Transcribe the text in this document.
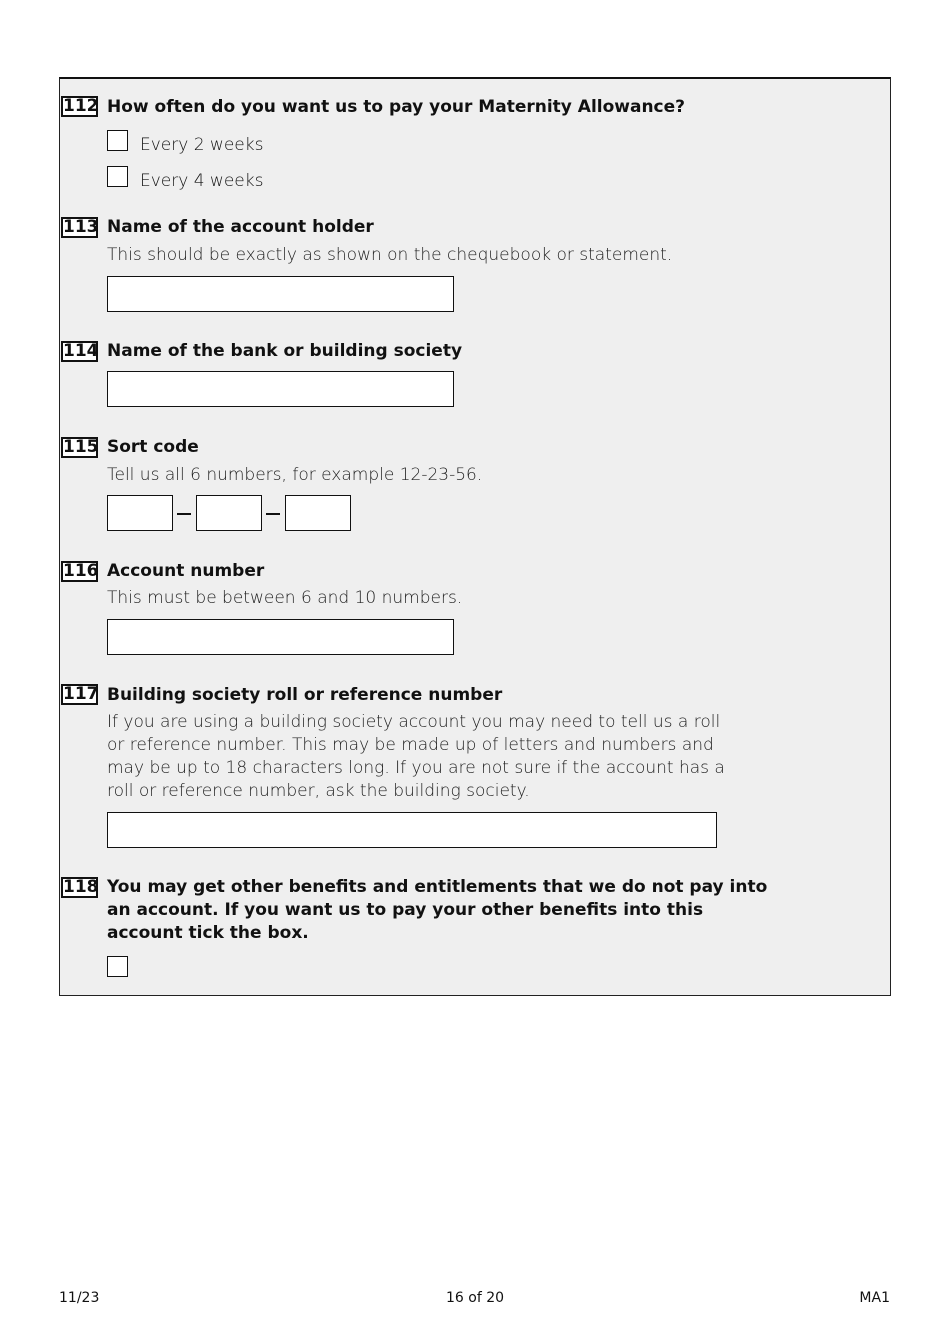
112 How often do you want us to pay your Maternity Allowance?
Every 2 weeks
Every 4 weeks
113 Name of the account holder
This should be exactly as shown on the chequebook or statement.
114 Name of the bank or building society
115 Sort code
Tell us all 6 numbers, for example 12-23-56.
116 Account number
This must be between 6 and 10 numbers.
117 Building society roll or reference number
If you are using a building society account you may need to tell us a roll
or reference number. This may be made up of letters and numbers and
may be up to 18 characters long. If you are not sure if the account has a
roll or reference number, ask the building society.
118 You may get other benefits and entitlements that we do not pay into
an account. If you want us to pay your other benefits into this
account tick the box.
11/23	16 of 20	MA1
